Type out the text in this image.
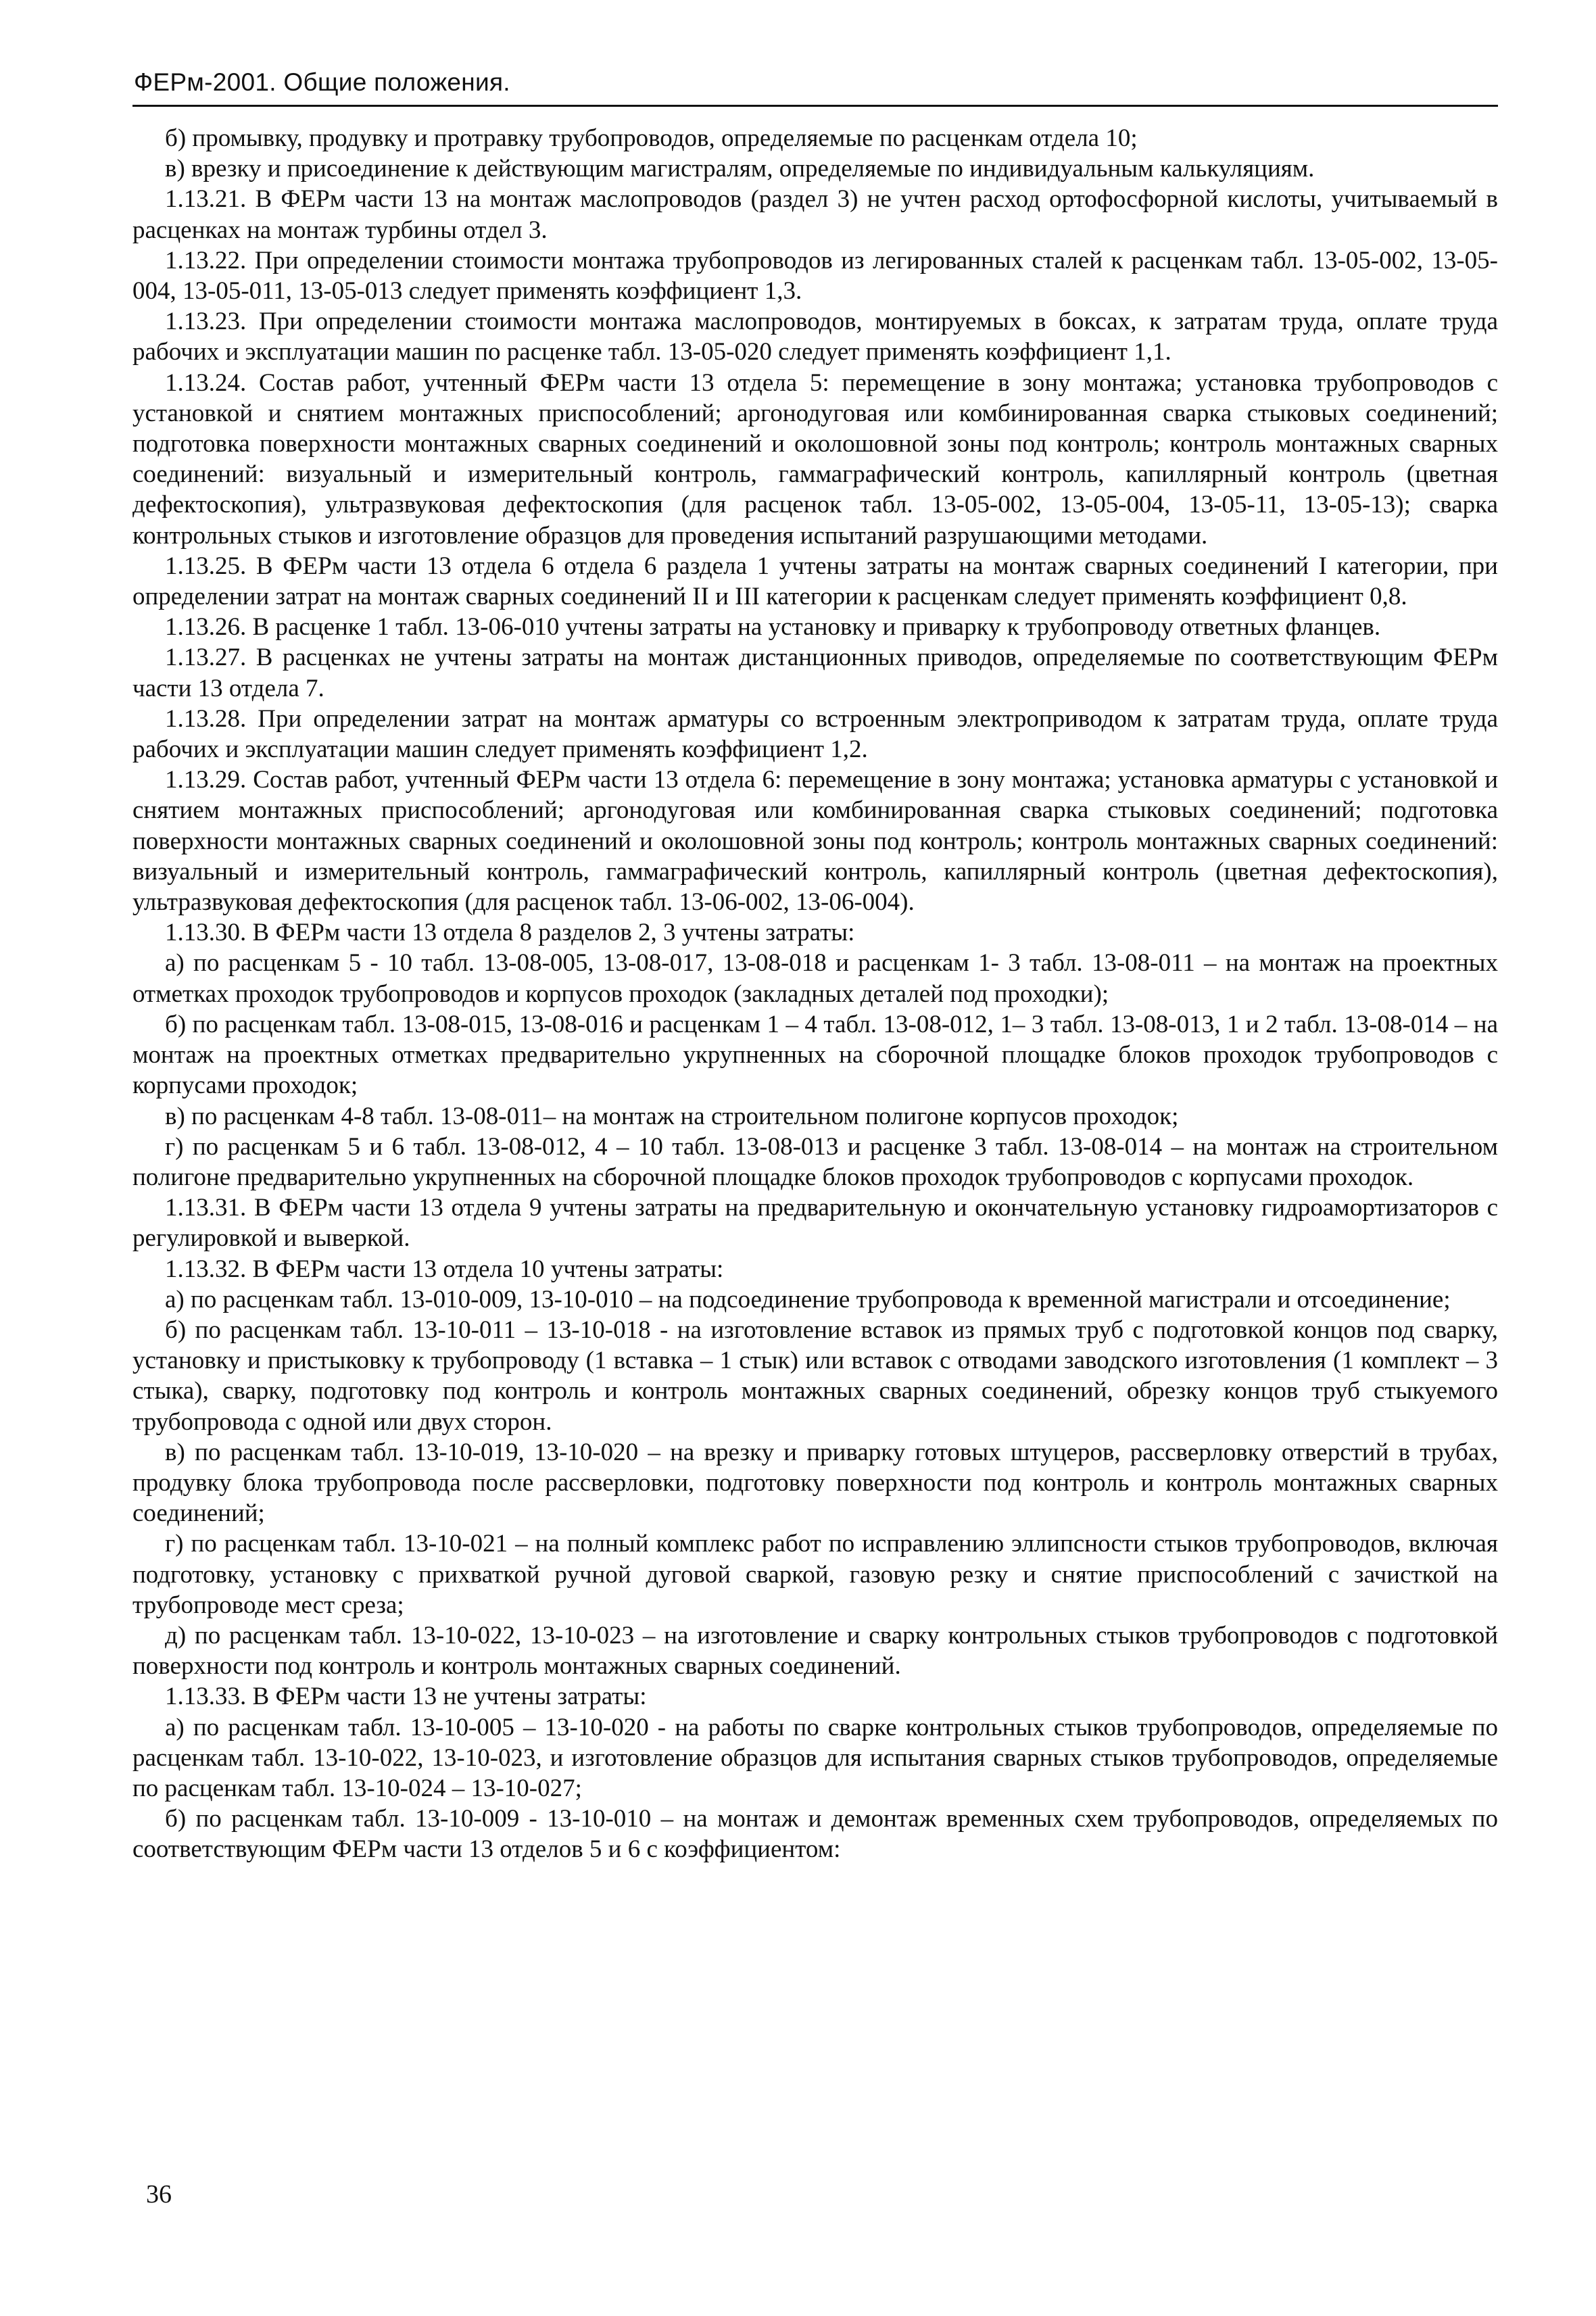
ФЕРм-2001. Общие положения.

б) промывку, продувку и протравку трубопроводов, определяемые по расценкам отдела 10;

в) врезку и присоединение к действующим магистралям, определяемые по индивидуальным калькуляциям.

1.13.21. В ФЕРм части 13 на монтаж маслопроводов (раздел 3) не учтен расход ортофосфорной кислоты, учитываемый в расценках на монтаж турбины отдел 3.

1.13.22. При определении стоимости монтажа трубопроводов из легированных сталей к расценкам табл. 13-05-002, 13-05-004, 13-05-011, 13-05-013 следует применять коэффициент 1,3.

1.13.23. При определении стоимости монтажа маслопроводов, монтируемых в боксах, к затратам труда, оплате труда рабочих и эксплуатации машин по расценке табл. 13-05-020 следует применять коэффициент 1,1.

1.13.24. Состав работ, учтенный ФЕРм части 13 отдела 5: перемещение в зону монтажа; установка трубопроводов с установкой и снятием монтажных приспособлений; аргонодуговая или комбинированная сварка стыковых соединений; подготовка поверхности монтажных сварных соединений и околошовной зоны под контроль; контроль монтажных сварных соединений: визуальный и измерительный контроль, гаммаграфический контроль, капиллярный контроль (цветная дефектоскопия), ультразвуковая дефектоскопия (для расценок табл. 13-05-002, 13-05-004, 13-05-11, 13-05-13); сварка контрольных стыков и изготовление образцов для проведения испытаний разрушающими методами.

1.13.25. В ФЕРм части 13 отдела 6 отдела 6 раздела 1 учтены затраты на монтаж сварных соединений I категории, при определении затрат на монтаж сварных соединений II и III категории к расценкам следует применять коэффициент 0,8.

1.13.26. В расценке 1 табл. 13-06-010 учтены затраты на установку и приварку к трубопроводу ответных фланцев.

1.13.27. В расценках не учтены затраты на монтаж дистанционных приводов, определяемые по соответствующим ФЕРм части 13 отдела 7.

1.13.28. При определении затрат на монтаж арматуры со встроенным электроприводом к затратам труда, оплате труда рабочих и эксплуатации машин следует применять коэффициент 1,2.

1.13.29. Состав работ, учтенный ФЕРм части 13 отдела 6: перемещение в зону монтажа; установка арматуры с установкой и снятием монтажных приспособлений; аргонодуговая или комбинированная сварка стыковых соединений; подготовка поверхности монтажных сварных соединений и околошовной зоны под контроль; контроль монтажных сварных соединений: визуальный и измерительный контроль, гаммаграфический контроль, капиллярный контроль (цветная дефектоскопия), ультразвуковая дефектоскопия (для расценок табл. 13-06-002, 13-06-004).

1.13.30. В ФЕРм части 13 отдела 8 разделов 2, 3 учтены затраты:

а) по расценкам 5 - 10 табл. 13-08-005, 13-08-017, 13-08-018 и расценкам 1- 3 табл. 13-08-011 – на монтаж на проектных отметках проходок трубопроводов и корпусов проходок (закладных деталей под проходки);

б) по расценкам табл. 13-08-015, 13-08-016 и расценкам 1 – 4 табл. 13-08-012, 1– 3 табл. 13-08-013, 1 и 2 табл. 13-08-014 – на монтаж на проектных отметках предварительно укрупненных на сборочной площадке блоков проходок трубопроводов с корпусами проходок;

в) по расценкам 4-8 табл. 13-08-011– на монтаж на строительном полигоне корпусов проходок;

г) по расценкам 5 и 6 табл. 13-08-012, 4 – 10 табл. 13-08-013 и расценке 3 табл. 13-08-014 – на монтаж на строительном полигоне предварительно укрупненных на сборочной площадке блоков проходок трубопроводов с корпусами проходок.

1.13.31. В ФЕРм части 13 отдела 9 учтены затраты на предварительную и окончательную установку гидроамортизаторов с регулировкой и выверкой.

1.13.32. В ФЕРм части 13 отдела 10 учтены затраты:

а) по расценкам табл. 13-010-009, 13-10-010 – на подсоединение трубопровода к временной магистрали и отсоединение;

б) по расценкам табл. 13-10-011 – 13-10-018 - на изготовление вставок из прямых труб с подготовкой концов под сварку, установку и пристыковку к трубопроводу (1 вставка – 1 стык) или вставок с отводами заводского изготовления (1 комплект – 3 стыка), сварку, подготовку под контроль и контроль монтажных сварных соединений, обрезку концов труб стыкуемого трубопровода с одной или двух сторон.

в) по расценкам табл. 13-10-019, 13-10-020 – на врезку и приварку готовых штуцеров, рассверловку отверстий в трубах, продувку блока трубопровода после рассверловки, подготовку поверхности под контроль и контроль монтажных сварных соединений;

г) по расценкам табл. 13-10-021 – на полный комплекс работ по исправлению эллипсности стыков трубопроводов, включая подготовку, установку с прихваткой ручной дуговой сваркой, газовую резку и снятие приспособлений с зачисткой на трубопроводе мест среза;

д) по расценкам табл. 13-10-022, 13-10-023 – на изготовление и сварку контрольных стыков трубопроводов с подготовкой поверхности под контроль и контроль монтажных сварных соединений.

1.13.33. В ФЕРм части 13 не учтены затраты:

а) по расценкам табл. 13-10-005 – 13-10-020 - на работы по сварке контрольных стыков трубопроводов, определяемые по расценкам табл. 13-10-022, 13-10-023, и изготовление образцов для испытания сварных стыков трубопроводов, определяемые по расценкам табл. 13-10-024 – 13-10-027;

б) по расценкам табл. 13-10-009 - 13-10-010 – на монтаж и демонтаж временных схем трубопроводов, определяемых по соответствующим ФЕРм части 13 отделов 5 и 6 с коэффициентом:

36
